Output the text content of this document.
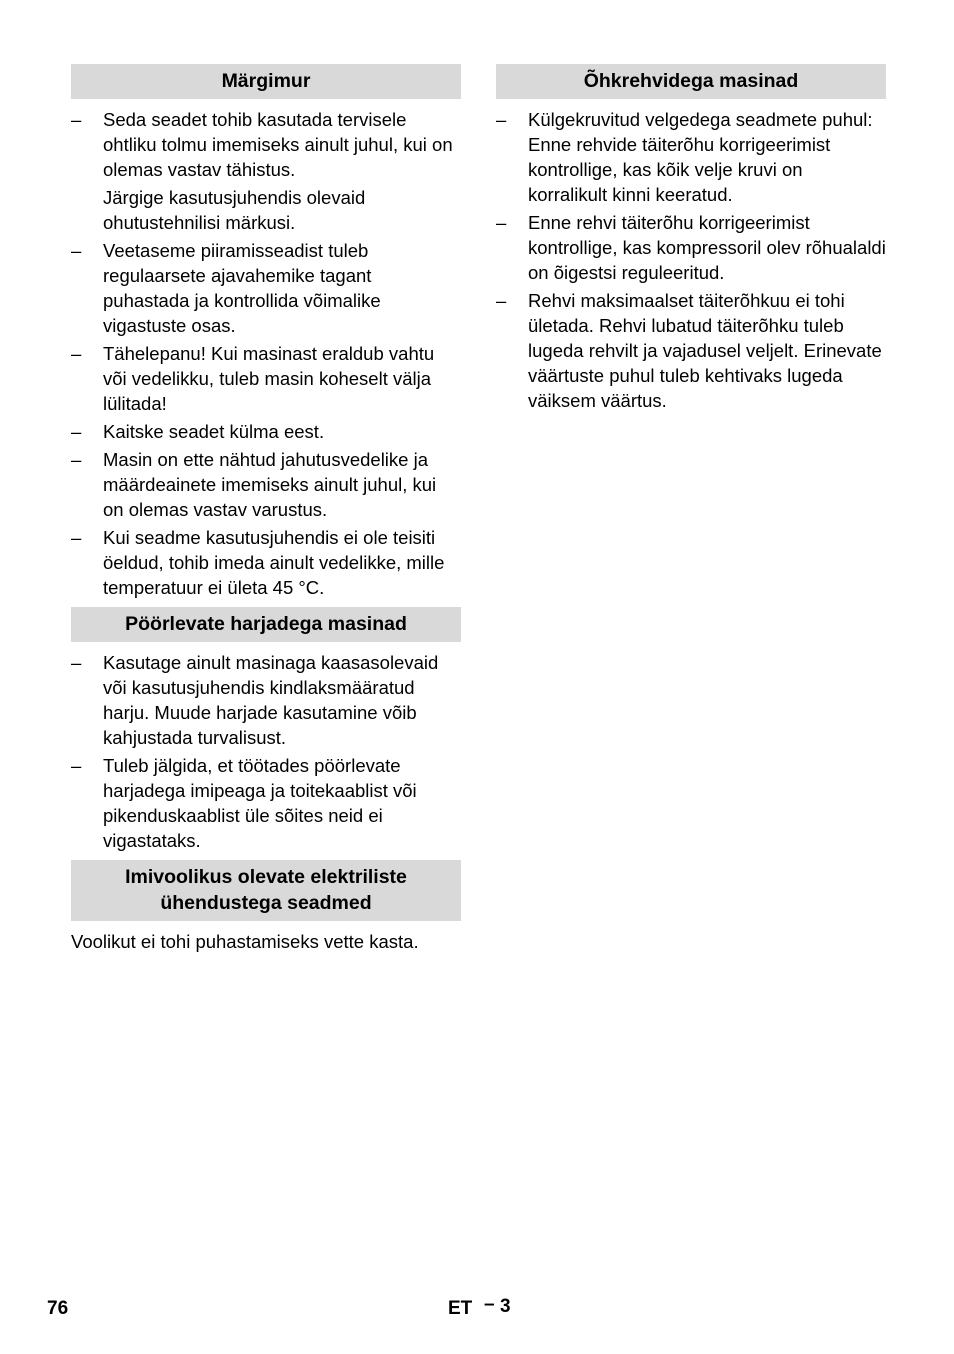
Märgimur
– Seda seadet tohib kasutada tervisele ohtliku tolmu imemiseks ainult juhul, kui on olemas vastav tähistus.
Järgige kasutusjuhendis olevaid ohutustehnilisi märkusi.
– Veetaseme piiramisseadist tuleb regulaarsete ajavahemike tagant puhastada ja kontrollida võimalike vigastuste osas.
– Tähelepanu! Kui masinast eraldub vahtu või vedelikku, tuleb masin koheselt välja lülitada!
– Kaitske seadet külma eest.
– Masin on ette nähtud jahutusvedelike ja määrdeainete imemiseks ainult juhul, kui on olemas vastav varustus.
– Kui seadme kasutusjuhendis ei ole teisiti öeldud, tohib imeda ainult vedelikke, mille temperatuur ei ületa 45 °C.
Pöörlevate harjadega masinad
– Kasutage ainult masinaga kaasasolevaid või kasutusjuhendis kindlaksmääratud harju. Muude harjade kasutamine võib kahjustada turvalisust.
– Tuleb jälgida, et töötades pöörlevate harjadega imipeaga ja toitekaablist või pikenduskaablist üle sõites neid ei vigastataks.
Imivoolikus olevate elektriliste ühendustega seadmed

Voolikut ei tohi puhastamiseks vette kasta.

Õhkrehvidega masinad
– Külgekruvitud velgedega seadmete puhul: Enne rehvide täiterõhu korrigeerimist kontrollige, kas kõik velje kruvi on korralikult kinni keeratud.
– Enne rehvi täiterõhu korrigeerimist kontrollige, kas kompressoril olev rõhualaldi on õigestsi reguleeritud.
– Rehvi maksimaalset täiterõhkuu ei tohi ületada. Rehvi lubatud täiterõhku tuleb lugeda rehvilt ja vajadusel veljelt. Erinevate väärtuste puhul tuleb kehtivaks lugeda väiksem väärtus.
76	ET – 3
